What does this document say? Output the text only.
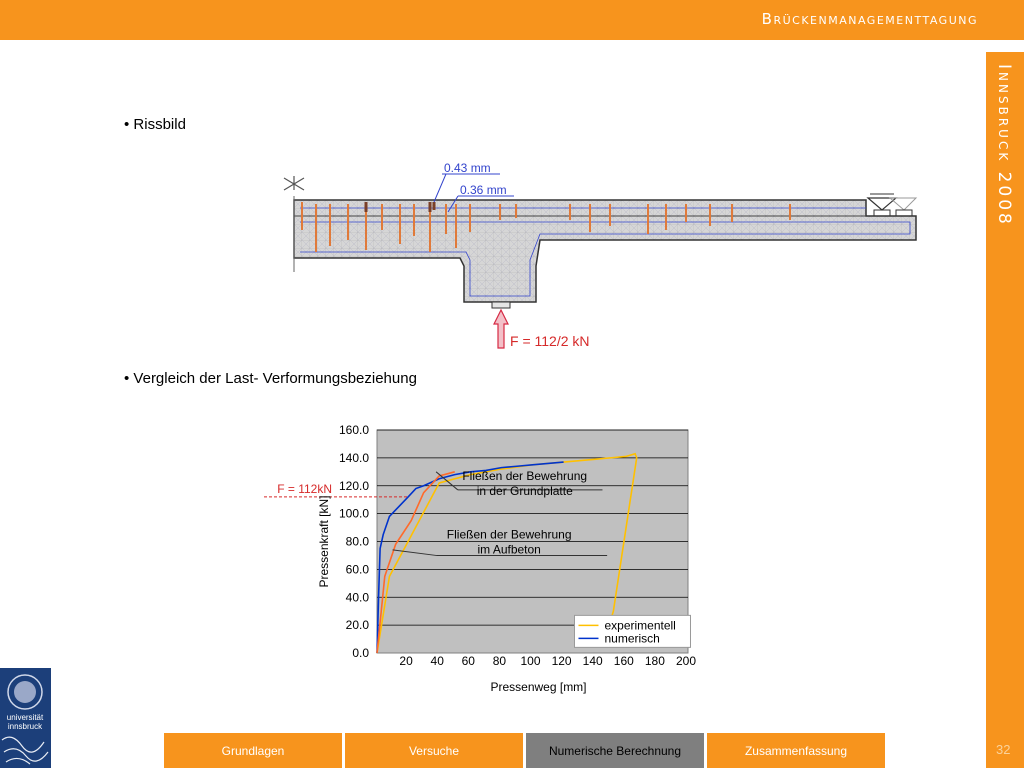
Brückenmanagementtagung
Innsbruck 2008
32
• Rissbild
• Vergleich der Last- Verformungsbeziehung
0.43 mm
0.36 mm
F = 112/2 kN
0.0
20.0
40.0
60.0
80.0
100.0
120.0
140.0
160.0
20 40 60 80 100 120 140 160 180 200
F = 112kN
Pressenkraft [kN]
Pressenweg [mm]
Fließen der Bewehrung
in der Grundplatte
Fließen der Bewehrung
im Aufbeton
experimentell
numerisch
universität
innsbruck
Grundlagen	Versuche	Numerische Berechnung	Zusammenfassung
